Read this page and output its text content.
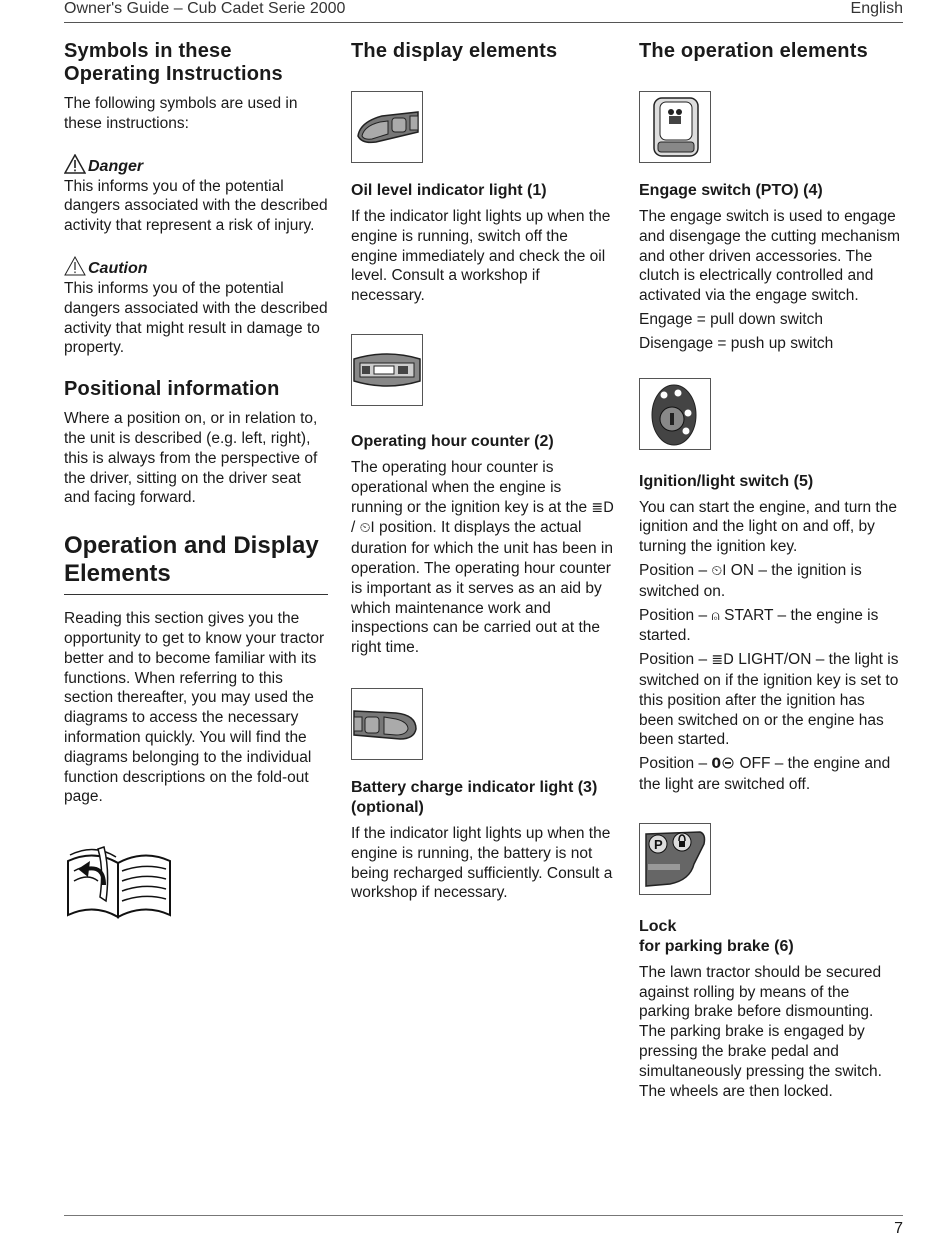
Owner's Guide – Cub Cadet Serie 2000	English
Symbols in these Operating Instructions

The following symbols are used in these instructions:

Danger

This informs you of the potential dangers associated with the described activity that represent a risk of injury.

Caution

This informs you of the potential dangers associated with the described activity that might result in damage to property.

Positional information

Where a position on, or in relation to, the unit is described (e.g. left, right), this is always from the perspective of the driver, sitting on the driver seat and facing forward.

Operation and Display Elements

Reading this section gives you the opportunity to get to know your tractor better and to become familiar with its functions. When referring to this section thereafter, you may used the diagrams to access the necessary information quickly. You will find the diagrams belonging to the individual function descriptions on the fold-out page.

The display elements
Oil level indicator light (1)

If the indicator light lights up when the engine is running, switch off the engine immediately and check the oil level. Consult a workshop if necessary.

Operating hour counter (2)

The operating hour counter is operational when the engine is running or the ignition key is at the ≣D / ⏲I position. It displays the actual duration for which the unit has been in operation. The operating hour counter is important as it serves as an aid by which maintenance work and inspections can be carried out at the right time.

Battery charge indicator light (3) (optional)

If the indicator light lights up when the engine is running, the battery is not being recharged sufficiently. Consult a workshop if necessary.

The operation elements
Engage switch (PTO) (4)

The engage switch is used to engage and disengage the cutting mechanism and other driven accessories. The clutch is electrically controlled and activated via the engage switch.

Engage = pull down switch

Disengage = push up switch

Ignition/light switch (5)

You can start the engine, and turn the ignition and the light on and off, by turning the ignition key.

Position – ⏲I ON – the ignition is switched on.

Position – ⍝ START – the engine is started.

Position – ≣D LIGHT/ON – the light is switched on if the ignition key is set to this position after the ignition has been switched on or the engine has been started.

Position – 0 OFF – the engine and the light are switched off.

P
Lock
for parking brake (6)

The lawn tractor should be secured against rolling by means of the parking brake before dismounting. The parking brake is engaged by pressing the brake pedal and simultaneously pressing the switch. The wheels are then locked.

7
